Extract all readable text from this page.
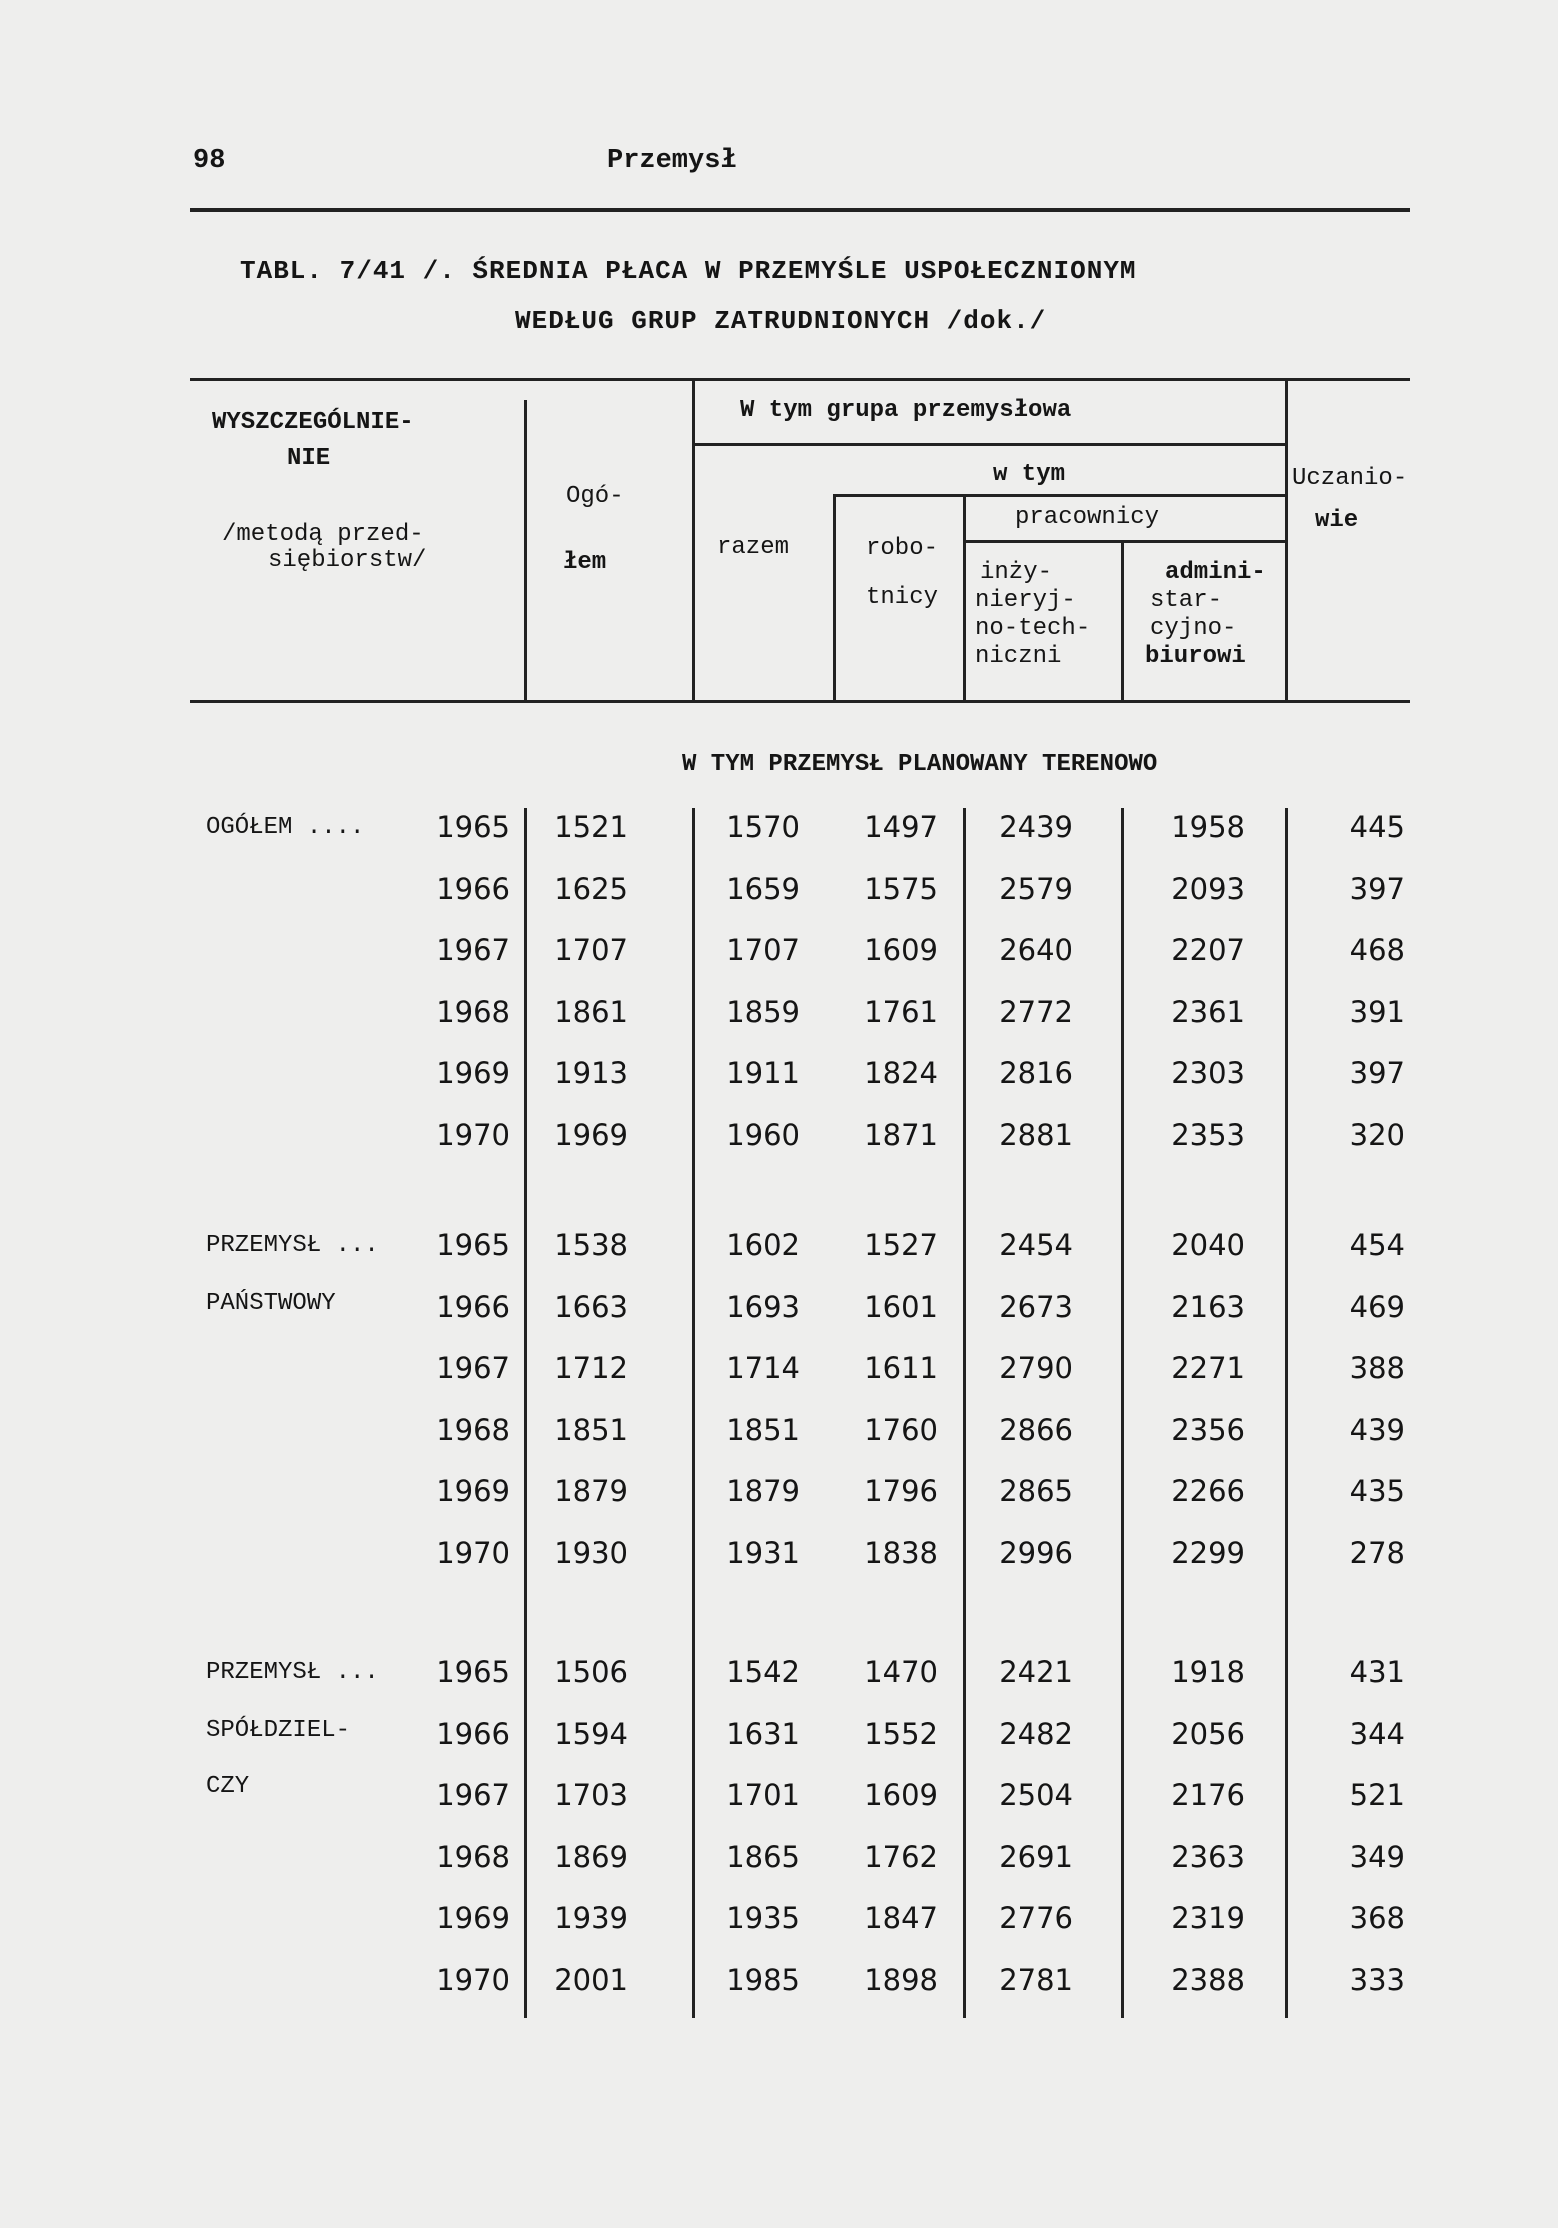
98	Przemysł
TABL. 7/41 /. ŚREDNIA PŁACA W PRZEMYŚLE USPOŁECZNIONYM
WEDŁUG GRUP ZATRUDNIONYCH /dok./
WYSZCZEGÓLNIE-
NIE
/metodą przed-
siębiorstw/
Ogó-
łem
W tym grupa przemysłowa
razem
w tym
pracownicy
robo-
tnicy
inży-
nieryj-
no-tech-
niczni
admini-
star-
cyjno-
biurowi
Uczanio-
wie
W TYM PRZEMYSŁ PLANOWANY TERENOWO
OGÓŁEM ....	1965	1521	1570	1497	2439	1958	445
1966	1625	1659	1575	2579	2093	397
1967	1707	1707	1609	2640	2207	468
1968	1861	1859	1761	2772	2361	391
1969	1913	1911	1824	2816	2303	397
1970	1969	1960	1871	2881	2353	320
PRZEMYSŁ ...
PAŃSTWOWY
1965	1538	1602	1527	2454	2040	454
1966	1663	1693	1601	2673	2163	469
1967	1712	1714	1611	2790	2271	388
1968	1851	1851	1760	2866	2356	439
1969	1879	1879	1796	2865	2266	435
1970	1930	1931	1838	2996	2299	278
PRZEMYSŁ ...
SPÓŁDZIEL-
CZY
1965	1506	1542	1470	2421	1918	431
1966	1594	1631	1552	2482	2056	344
1967	1703	1701	1609	2504	2176	521
1968	1869	1865	1762	2691	2363	349
1969	1939	1935	1847	2776	2319	368
1970	2001	1985	1898	2781	2388	333
